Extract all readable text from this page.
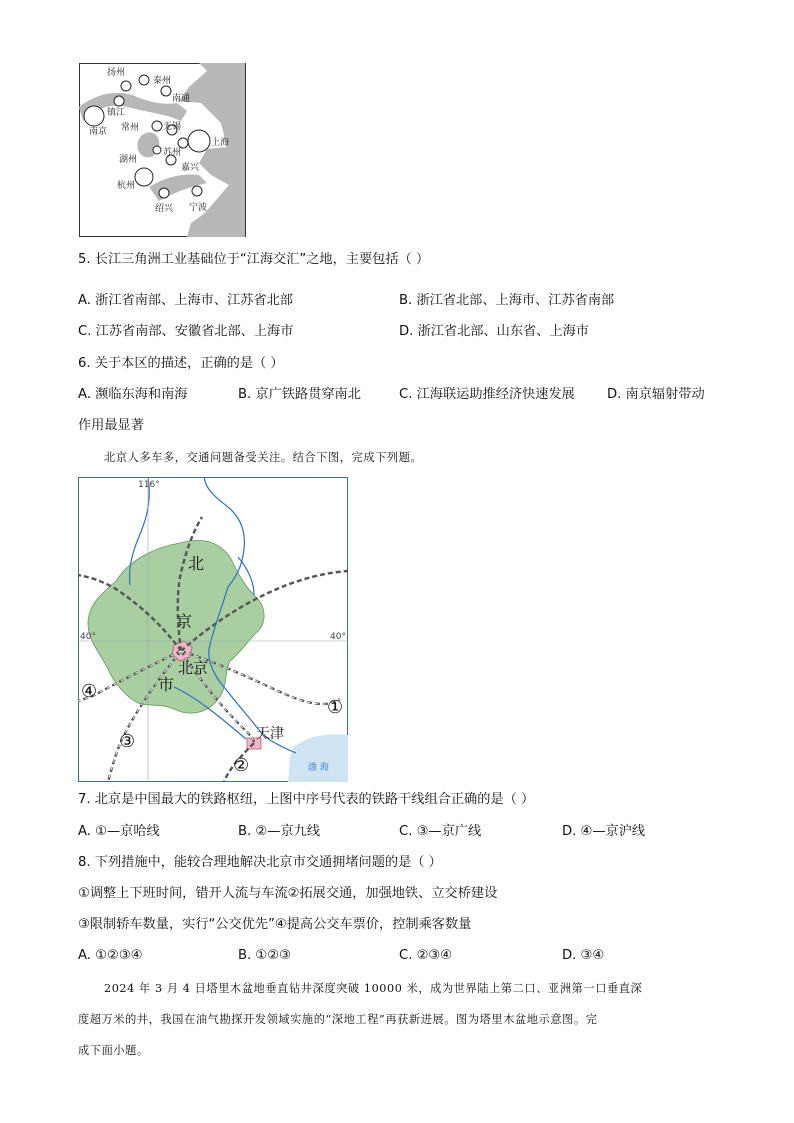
扬州
泰州
南通
镇江
南京 常州	无锡
苏州
上海
湖州
嘉兴
杭州
绍兴 宁波
5. 长江三角洲工业基础位于“江海交汇”之地，主要包括（ ）
A. 浙江省南部、上海市、江苏省北部	B. 浙江省北部、上海市、江苏省南部
C. 江苏省南部、安徽省北部、上海市	D. 浙江省北部、山东省、上海市
6. 关于本区的描述，正确的是（ ）
A. 濒临东海和南海	B. 京广铁路贯穿南北	C. 江海联运助推经济快速发展 D. 南京辐射带动
作用最显著
北京人多车多，交通问题备受关注。结合下图，完成下列题。
116°
40°	40°
北
京
市
北京
天津
渤 海
①
②
③
④
7. 北京是中国最大的铁路枢纽，上图中序号代表的铁路干线组合正确的是（ ）
A. ①—京哈线	B. ②—京九线	C. ③—京广线	D. ④—京沪线
8. 下列措施中，能较合理地解决北京市交通拥堵问题的是（ ）
①调整上下班时间，错开人流与车流②拓展交通，加强地铁、立交桥建设
③限制轿车数量，实行“公交优先”④提高公交车票价，控制乘客数量
A. ①②③④	B. ①②③	C. ②③④	D. ③④
2024 年 3 月 4 日塔里木盆地垂直钻井深度突破 10000 米，成为世界陆上第二口、亚洲第一口垂直深
度超万米的井，我国在油气勘探开发领域实施的“深地工程”再获新进展。图为塔里木盆地示意图。完
成下面小题。
